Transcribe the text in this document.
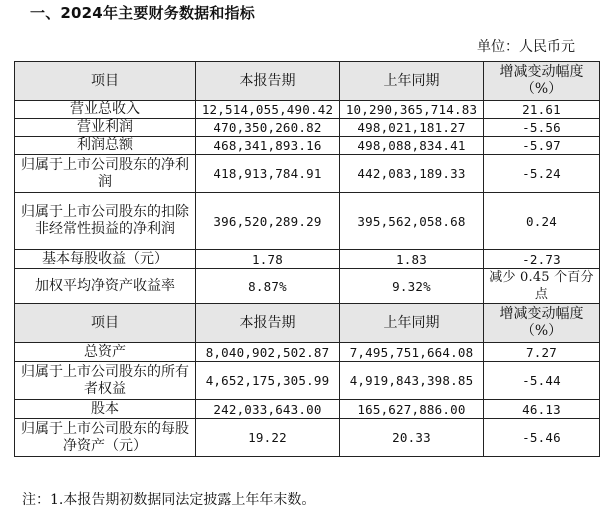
一、2024年主要财务数据和指标
单位：人民币元
项目	本报告期	上年同期	增减变动幅度（%）
营业总收入	12,514,055,490.42	10,290,365,714.83	21.61
营业利润	470,350,260.82	498,021,181.27	-5.56
利润总额	468,341,893.16	498,088,834.41	-5.97
归属于上市公司股东的净利润	418,913,784.91	442,083,189.33	-5.24
归属于上市公司股东的扣除非经常性损益的净利润	396,520,289.29	395,562,058.68	0.24
基本每股收益（元）	1.78	1.83	-2.73
加权平均净资产收益率	8.87%	9.32%	减少 0.45 个百分点
项目	本报告期	上年同期	增减变动幅度（%）
总资产	8,040,902,502.87	7,495,751,664.08	7.27
归属于上市公司股东的所有者权益	4,652,175,305.99	4,919,843,398.85	-5.44
股本	242,033,643.00	165,627,886.00	46.13
归属于上市公司股东的每股净资产（元）	19.22	20.33	-5.46
注：1.本报告期初数据同法定披露上年年末数。
